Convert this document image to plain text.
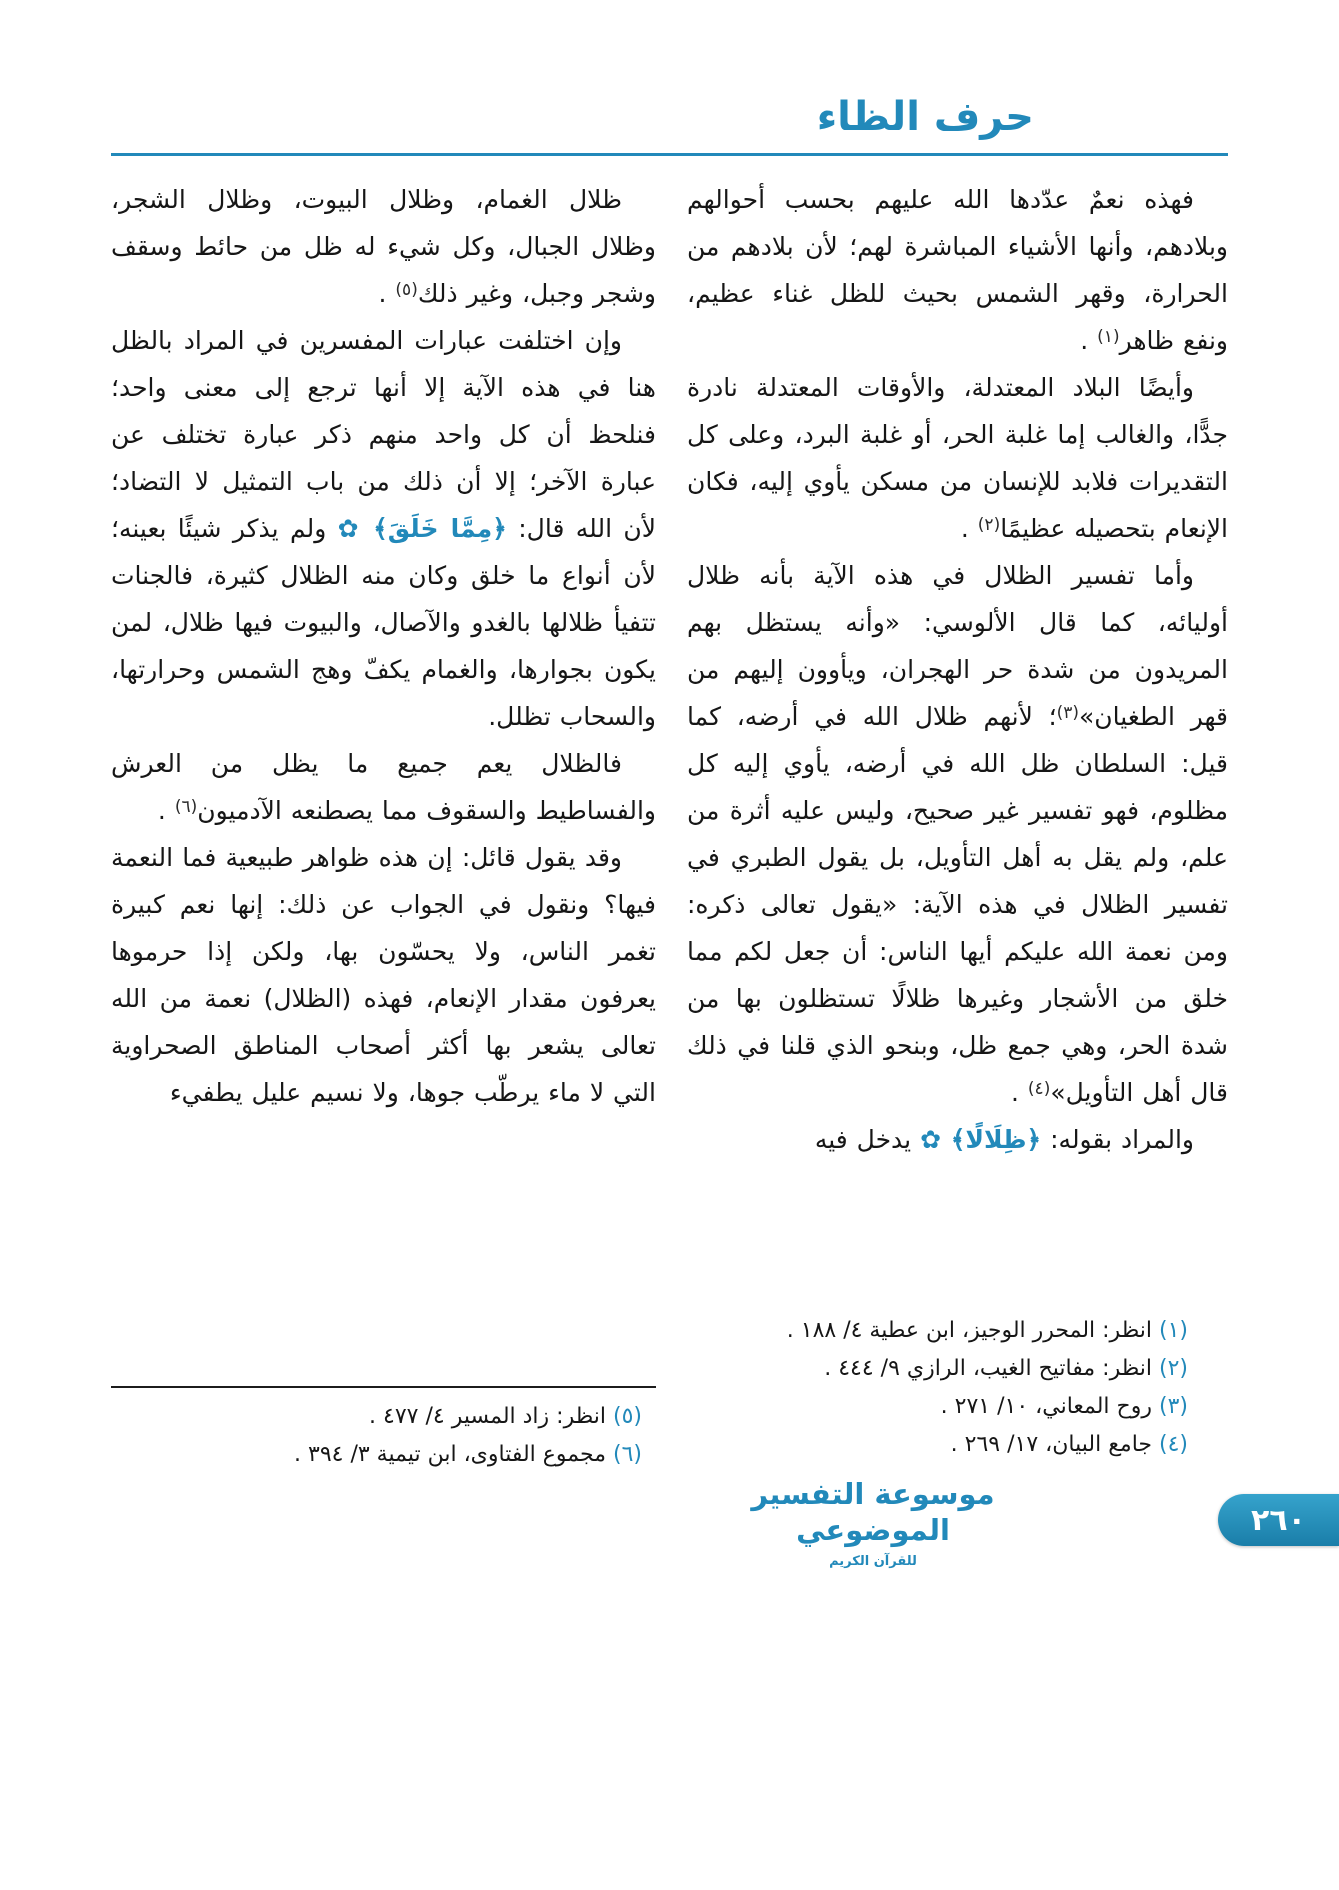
حرف الظاء

فهذه نعمٌ عدّدها الله عليهم بحسب أحوالهم وبلادهم، وأنها الأشياء المباشرة لهم؛ لأن بلادهم من الحرارة، وقهر الشمس بحيث للظل غناء عظيم، ونفع ظاهر$^{(١)}$ .

وأيضًا البلاد المعتدلة، والأوقات المعتدلة نادرة جدًّا، والغالب إما غلبة الحر، أو غلبة البرد، وعلى كل التقديرات فلابد للإنسان من مسكن يأوي إليه، فكان الإنعام بتحصيله عظيمًا$^{(٢)}$ .

وأما تفسير الظلال في هذه الآية بأنه ظلال أوليائه، كما قال الألوسي: «وأنه يستظل بهم المريدون من شدة حر الهجران، ويأوون إليهم من قهر الطغيان»$^{(٣)}$؛ لأنهم ظلال الله في أرضه، كما قيل: السلطان ظل الله في أرضه، يأوي إليه كل مظلوم، فهو تفسير غير صحيح، وليس عليه أثرة من علم، ولم يقل به أهل التأويل، بل يقول الطبري في تفسير الظلال في هذه الآية: «يقول تعالى ذكره: ومن نعمة الله عليكم أيها الناس: أن جعل لكم مما خلق من الأشجار وغيرها ظلالًا تستظلون بها من شدة الحر، وهي جمع ظل، وبنحو الذي قلنا في ذلك قال أهل التأويل»$^{(٤)}$ .

والمراد بقوله: ﴿ظِلَالًا﴾ ✿ يدخل فيه

ظلال الغمام، وظلال البيوت، وظلال الشجر، وظلال الجبال، وكل شيء له ظل من حائط وسقف وشجر وجبل، وغير ذلك$^{(٥)}$ .

وإن اختلفت عبارات المفسرين في المراد بالظل هنا في هذه الآية إلا أنها ترجع إلى معنى واحد؛ فنلحظ أن كل واحد منهم ذكر عبارة تختلف عن عبارة الآخر؛ إلا أن ذلك من باب التمثيل لا التضاد؛ لأن الله قال: ﴿مِمَّا خَلَقَ﴾ ✿ ولم يذكر شيئًا بعينه؛ لأن أنواع ما خلق وكان منه الظلال كثيرة، فالجنات تتفيأ ظلالها بالغدو والآصال، والبيوت فيها ظلال، لمن يكون بجوارها، والغمام يكفّ وهج الشمس وحرارتها، والسحاب تظلل.

فالظلال يعم جميع ما يظل من العرش والفساطيط والسقوف مما يصطنعه الآدميون$^{(٦)}$ .

وقد يقول قائل: إن هذه ظواهر طبيعية فما النعمة فيها؟ ونقول في الجواب عن ذلك: إنها نعم كبيرة تغمر الناس، ولا يحسّون بها، ولكن إذا حرموها يعرفون مقدار الإنعام، فهذه (الظلال) نعمة من الله تعالى يشعر بها أكثر أصحاب المناطق الصحراوية التي لا ماء يرطّب جوها، ولا نسيم عليل يطفيء

(١) انظر: المحرر الوجيز، ابن عطية ٤/ ١٨٨ .
(٢) انظر: مفاتيح الغيب، الرازي ٩/ ٤٤٤ .
(٣) روح المعاني، ١٠/ ٢٧١ .
(٤) جامع البيان، ١٧/ ٢٦٩ .
(٥) انظر: زاد المسير ٤/ ٤٧٧ .
(٦) مجموع الفتاوى، ابن تيمية ٣/ ٣٩٤ .
موسوعة التفسير الموضوعي
للقرآن الكريم
٢٦٠
